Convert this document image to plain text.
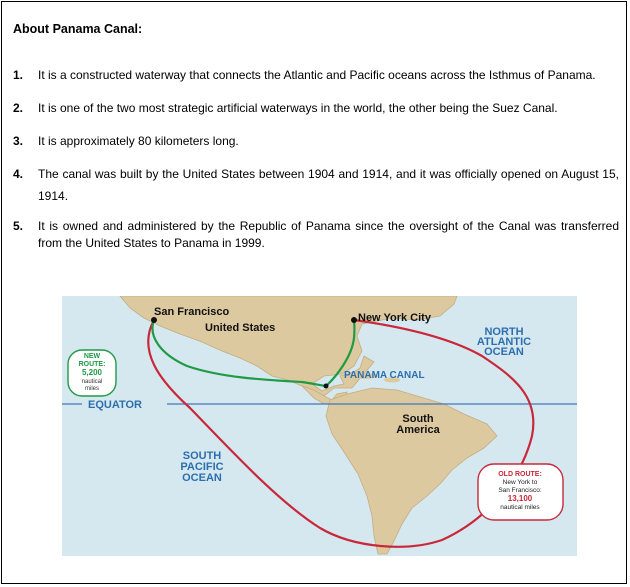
About Panama Canal:
1. It is a constructed waterway that connects the Atlantic and Pacific oceans across the Isthmus of Panama.
2. It is one of the two most strategic artificial waterways in the world, the other being the Suez Canal.
3. It is approximately 80 kilometers long.
4. The canal was built by the United States between 1904 and 1914, and it was officially opened on August 15, 1914.
5. It is owned and administered by the Republic of Panama since the oversight of the Canal was transferred from the United States to Panama in 1999.
San Francisco
United States
New York City
NORTH
ATLANTIC
OCEAN
PANAMA CANAL
EQUATOR
South
America
SOUTH
PACIFIC
OCEAN
NEW
ROUTE:
5,200
nautical
miles
OLD ROUTE:
New York to
San Francisco:
13,100
nautical miles
